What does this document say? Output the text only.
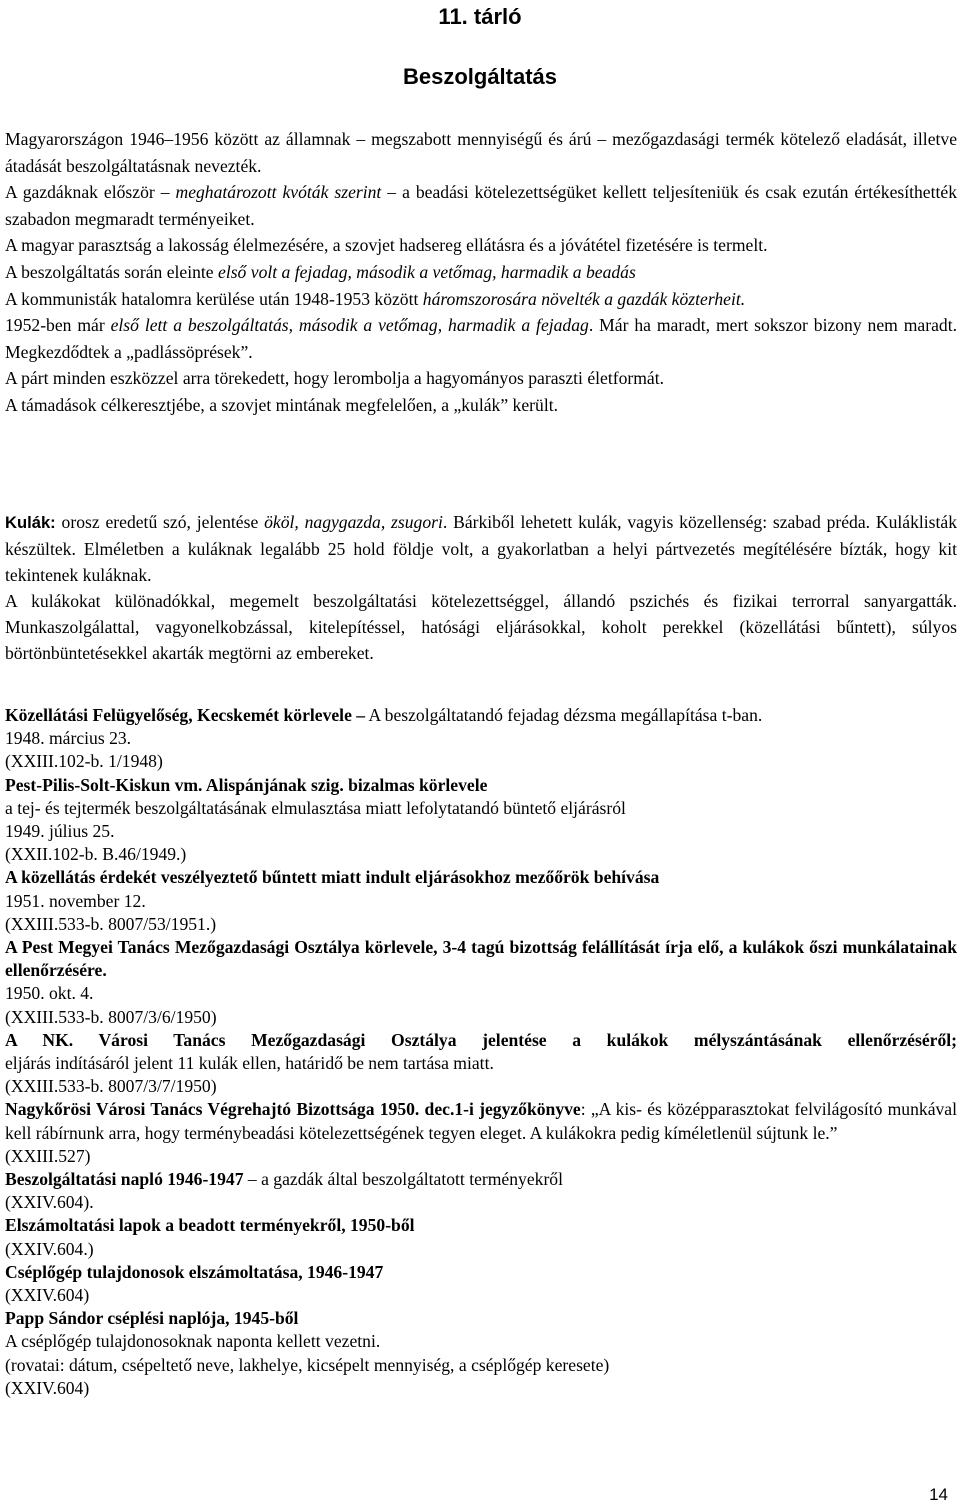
11. tárló
Beszolgáltatás
Magyarországon 1946–1956 között az államnak – megszabott mennyiségű és árú – mezőgazdasági termék kötelező eladását, illetve átadását beszolgáltatásnak nevezték.
A gazdáknak először – meghatározott kvóták szerint – a beadási kötelezettségüket kellett teljesíteniük és csak ezután értékesíthették szabadon megmaradt terményeiket.
A magyar parasztság a lakosság élelmezésére, a szovjet hadsereg ellátásra és a jóvátétel fizetésére is termelt.
A beszolgáltatás során eleinte első volt a fejadag, második a vetőmag, harmadik a beadás
A kommunisták hatalomra kerülése után 1948-1953 között háromszorosára növelték a gazdák közterheit.
1952-ben már első lett a beszolgáltatás, második a vetőmag, harmadik a fejadag. Már ha maradt, mert sokszor bizony nem maradt. Megkezdődtek a „padlássöprések”.
A párt minden eszközzel arra törekedett, hogy lerombolja a hagyományos paraszti életformát.
A támadások célkeresztjébe, a szovjet mintának megfelelően, a „kulák” került.
Kulák: orosz eredetű szó, jelentése ököl, nagygazda, zsugori. Bárkiből lehetett kulák, vagyis közellenség: szabad préda. Kuláklisták készültek. Elméletben a kuláknak legalább 25 hold földje volt, a gyakorlatban a helyi pártvezetés megítélésére bízták, hogy kit tekintenek kuláknak.
A kulákokat különadókkal, megemelt beszolgáltatási kötelezettséggel, állandó pszichés és fizikai terrorral sanyargatták. Munkaszolgálattal, vagyonelkobzással, kitelepítéssel, hatósági eljárásokkal, koholt perekkel (közellátási bűntett), súlyos börtönbüntetésekkel akarták megtörni az embereket.
Közellátási Felügyelőség, Kecskemét körlevele – A beszolgáltatandó fejadag dézsma megállapítása t-ban.
1948. március 23.
(XXIII.102-b. 1/1948)
Pest-Pilis-Solt-Kiskun vm. Alispánjának szig. bizalmas körlevele
a tej- és tejtermék beszolgáltatásának elmulasztása miatt lefolytatandó büntető eljárásról
1949. július 25.
(XXII.102-b. B.46/1949.)
A közellátás érdekét veszélyeztető bűntett miatt indult eljárásokhoz mezőőrök behívása
1951. november 12.
(XXIII.533-b. 8007/53/1951.)
A Pest Megyei Tanács Mezőgazdasági Osztálya körlevele, 3-4 tagú bizottság felállítását írja elő, a kulákok őszi munkálatainak ellenőrzésére.
1950. okt. 4.
(XXIII.533-b. 8007/3/6/1950)
A NK. Városi Tanács Mezőgazdasági Osztálya jelentése a kulákok mélyszántásának ellenőrzéséről;
eljárás indításáról jelent 11 kulák ellen, határidő be nem tartása miatt.
(XXIII.533-b. 8007/3/7/1950)
Nagykőrösi Városi Tanács Végrehajtó Bizottsága 1950. dec.1-i jegyzőkönyve: „A kis- és középparasztokat felvilágosító munkával kell rábírnunk arra, hogy terménybeadási kötelezettségének tegyen eleget. A kulákokra pedig kíméletlenül sújtunk le.”
(XXIII.527)
Beszolgáltatási napló 1946-1947 – a gazdák által beszolgáltatott terményekről
(XXIV.604).
Elszámoltatási lapok a beadott terményekről, 1950-ből
(XXIV.604.)
Cséplőgép tulajdonosok elszámoltatása, 1946-1947
(XXIV.604)
Papp Sándor cséplési naplója, 1945-ből
A cséplőgép tulajdonosoknak naponta kellett vezetni.
(rovatai: dátum, csépeltető neve, lakhelye, kicsépelt mennyiség, a cséplőgép keresete)
(XXIV.604)
14
